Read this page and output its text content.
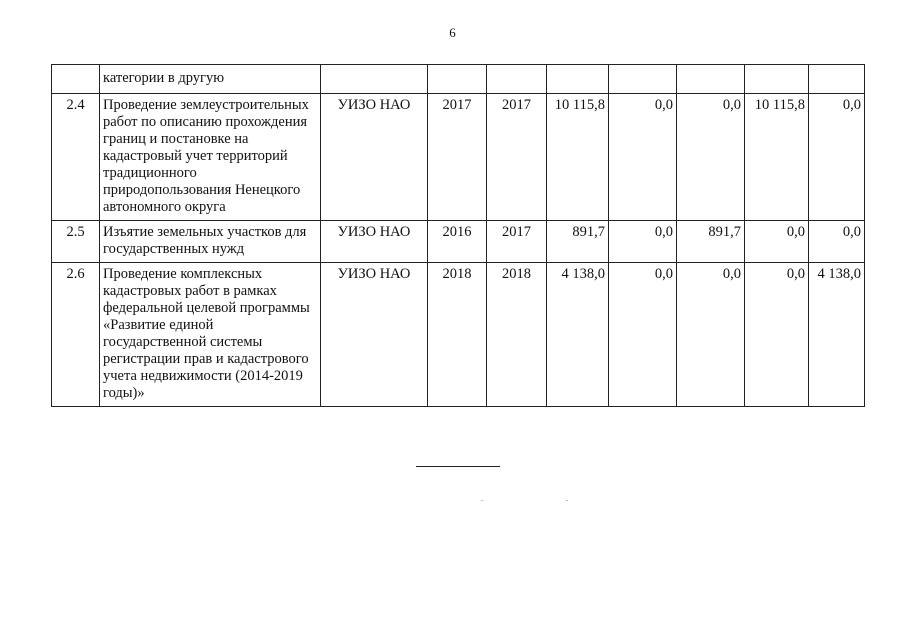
6
	категории в другую								
2.4	Проведение землеустроительных работ по описанию прохождения границ и постановке на кадастровый учет территорий традиционного природопользования Ненецкого автономного округа	УИЗО НАО	2017	2017	10 115,8	0,0	0,0	10 115,8	0,0
2.5	Изъятие земельных участков для государственных нужд	УИЗО НАО	2016	2017	891,7	0,0	891,7	0,0	0,0
2.6	Проведение комплексных кадастровых работ в рамках федеральной целевой программы «Развитие единой государственной системы регистрации прав и кадастрового учета недвижимости (2014-2019 годы)»	УИЗО НАО	2018	2018	4 138,0	0,0	0,0	0,0	4 138,0
